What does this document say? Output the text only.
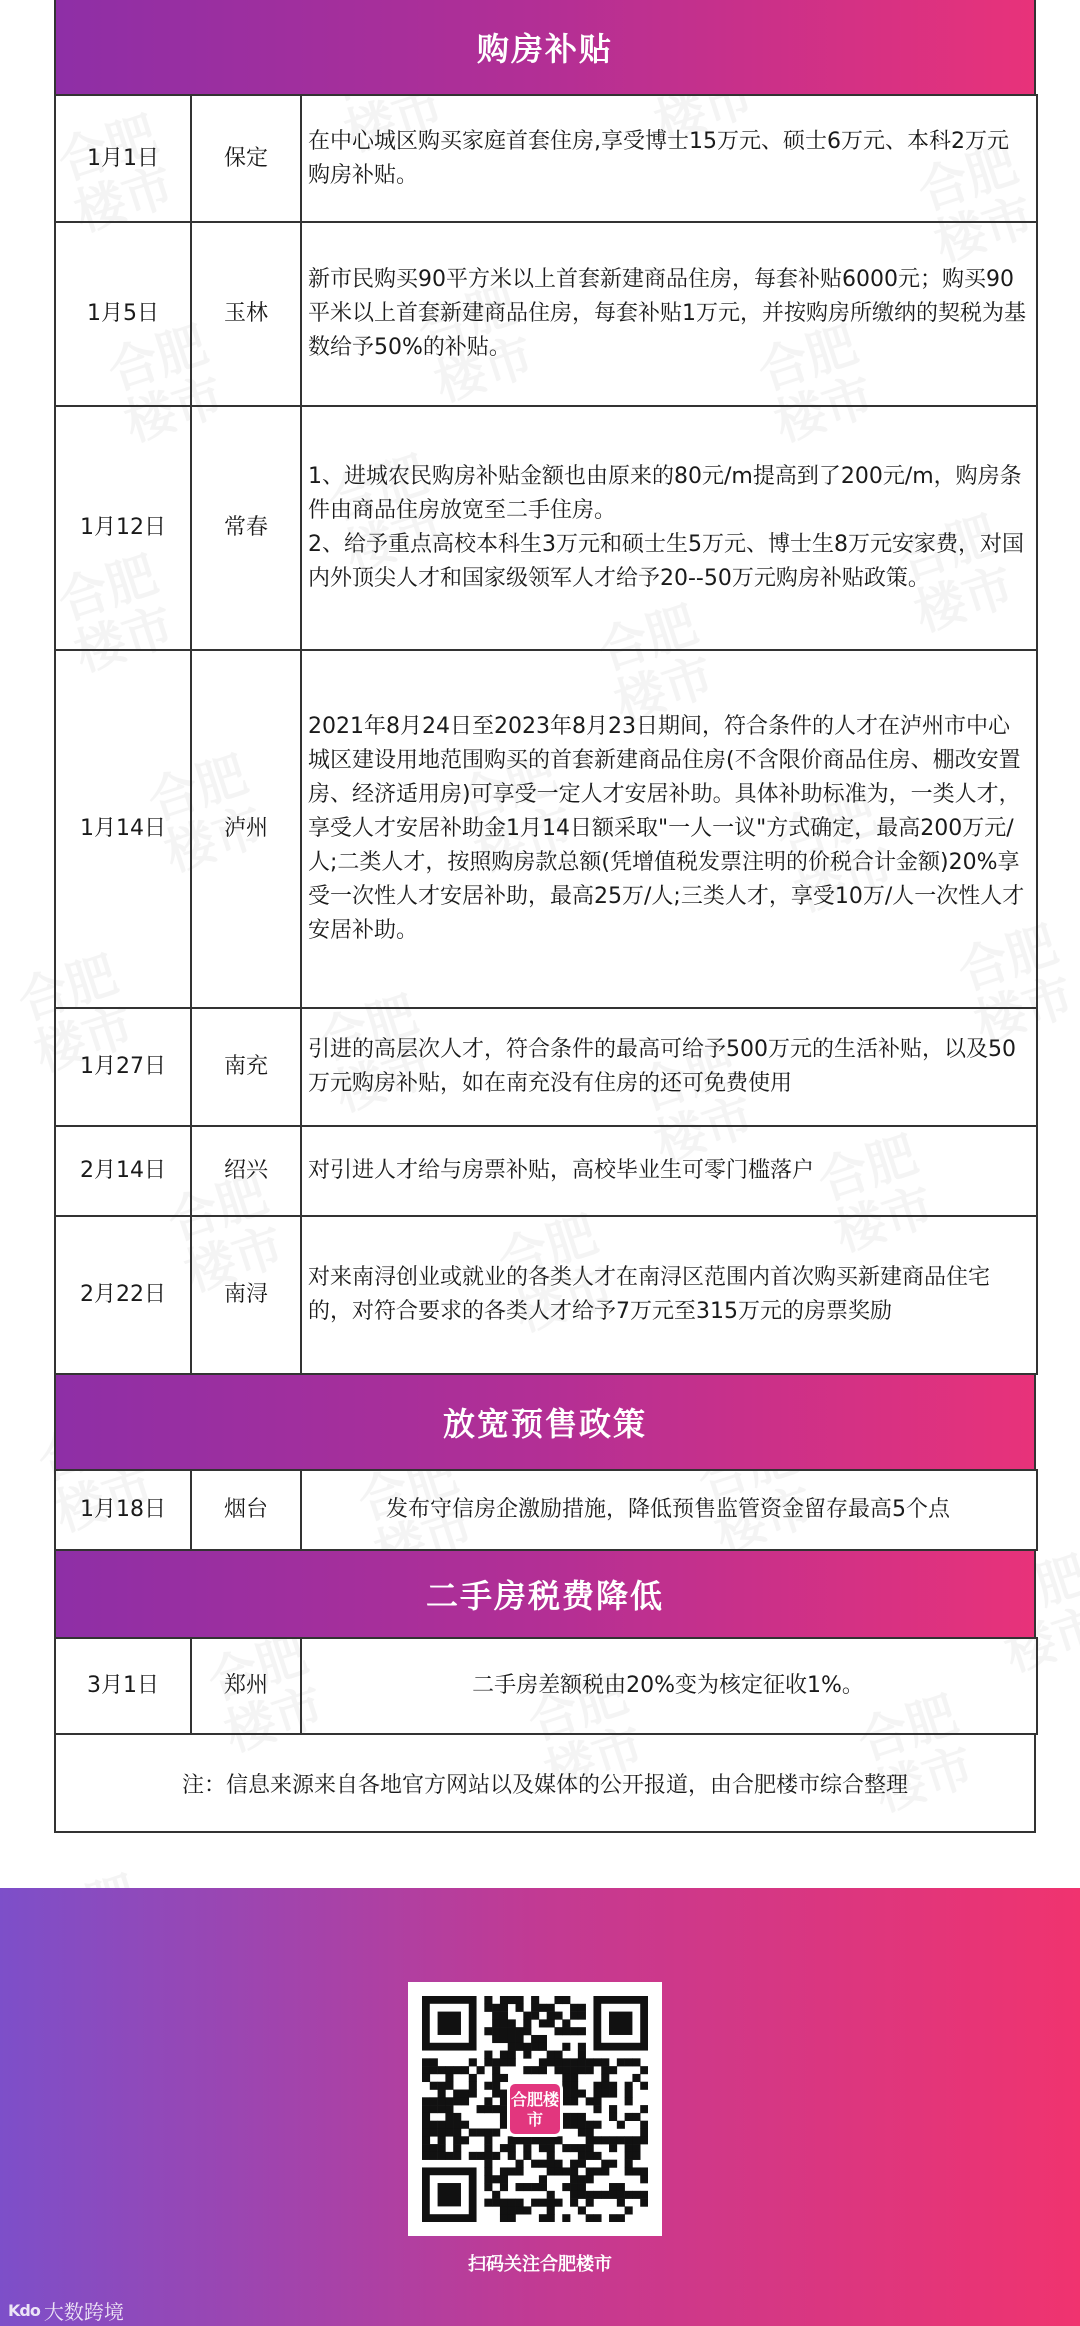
购房补贴
1月1日	保定	在中心城区购买家庭首套住房,享受博士15万元、硕士6万元、本科2万元购房补贴。
1月5日	玉林	新市民购买90平方米以上首套新建商品住房，每套补贴6000元；购买90平米以上首套新建商品住房，每套补贴1万元，并按购房所缴纳的契税为基数给予50%的补贴。
1月12日	常春	1、进城农民购房补贴金额也由原来的80元/m提高到了200元/m，购房条件由商品住房放宽至二手住房。
2、给予重点高校本科生3万元和硕士生5万元、博士生8万元安家费，对国内外顶尖人才和国家级领军人才给予20--50万元购房补贴政策。
1月14日	泸州	2021年8月24日至2023年8月23日期间，符合条件的人才在泸州市中心城区建设用地范围购买的首套新建商品住房(不含限价商品住房、棚改安置房、经济适用房)可享受一定人才安居补助。具体补助标准为，一类人才，享受人才安居补助金1月14日额采取"一人一议"方式确定，最高200万元/人;二类人才，按照购房款总额(凭增值税发票注明的价税合计金额)20%享受一次性人才安居补助，最高25万/人;三类人才，享受10万/人一次性人才安居补助。
1月27日	南充	引进的高层次人才，符合条件的最高可给予500万元的生活补贴，以及50万元购房补贴，如在南充没有住房的还可免费使用
2月14日	绍兴	对引进人才给与房票补贴，高校毕业生可零门槛落户
2月22日	南浔	对来南浔创业或就业的各类人才在南浔区范围内首次购买新建商品住宅的，对符合要求的各类人才给予7万元至315万元的房票奖励
放宽预售政策
1月18日	烟台	发布守信房企激励措施，降低预售监管资金留存最高5个点
二手房税费降低
3月1日	郑州	二手房差额税由20%变为核定征收1%。
注：信息来源来自各地官方网站以及媒体的公开报道，由合肥楼市综合整理
合肥楼市
扫码关注合肥楼市
Kdo 大数跨境
